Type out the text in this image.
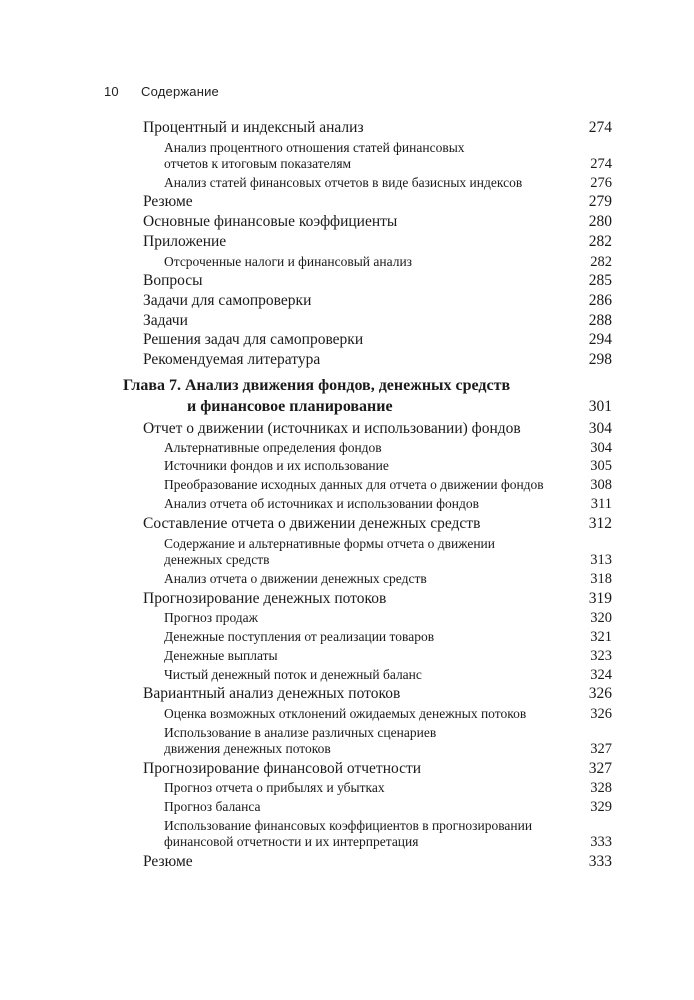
10 Содержание
Процентный и индексный анализ	274
Анализ процентного отношения статей финансовых
отчетов к итоговым показателям	274
Анализ статей финансовых отчетов в виде базисных индексов	276
Резюме	279
Основные финансовые коэффициенты	280
Приложение	282
Отсроченные налоги и финансовый анализ	282
Вопросы	285
Задачи для самопроверки	286
Задачи	288
Решения задач для самопроверки	294
Рекомендуемая литература	298
Глава 7. Анализ движения фондов, денежных средств
и финансовое планирование	301
Отчет о движении (источниках и использовании) фондов	304
Альтернативные определения фондов	304
Источники фондов и их использование	305
Преобразование исходных данных для отчета о движении фондов	308
Анализ отчета об источниках и использовании фондов	311
Составление отчета о движении денежных средств	312
Содержание и альтернативные формы отчета о движении
денежных средств	313
Анализ отчета о движении денежных средств	318
Прогнозирование денежных потоков	319
Прогноз продаж	320
Денежные поступления от реализации товаров	321
Денежные выплаты	323
Чистый денежный поток и денежный баланс	324
Вариантный анализ денежных потоков	326
Оценка возможных отклонений ожидаемых денежных потоков	326
Использование в анализе различных сценариев
движения денежных потоков	327
Прогнозирование финансовой отчетности	327
Прогноз отчета о прибылях и убытках	328
Прогноз баланса	329
Использование финансовых коэффициентов в прогнозировании
финансовой отчетности и их интерпретация	333
Резюме	333
